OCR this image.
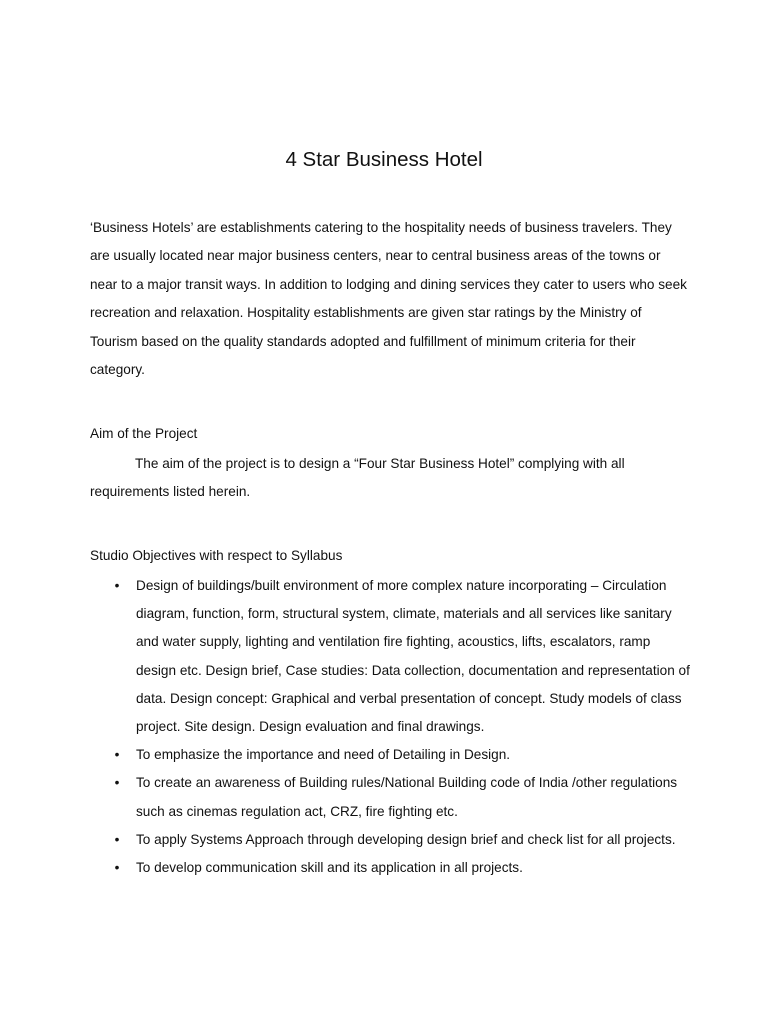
4 Star Business Hotel
‘Business Hotels’ are establishments catering to the hospitality needs of business travelers. They are usually located near major business centers, near to central business areas of the towns or near to a major transit ways. In addition to lodging and dining services they cater to users who seek recreation and relaxation. Hospitality establishments are given star ratings by the Ministry of Tourism based on the quality standards adopted and fulfillment of minimum criteria for their category.
Aim of the Project
The aim of the project is to design a “Four Star Business Hotel” complying with all requirements listed herein.
Studio Objectives with respect to Syllabus
• Design of buildings/built environment of more complex nature incorporating – Circulation diagram, function, form, structural system, climate, materials and all services like sanitary and water supply, lighting and ventilation fire fighting, acoustics, lifts, escalators, ramp design etc. Design brief, Case studies: Data collection, documentation and representation of data. Design concept: Graphical and verbal presentation of concept. Study models of class project. Site design. Design evaluation and final drawings.
• To emphasize the importance and need of Detailing in Design.
• To create an awareness of Building rules/National Building code of India /other regulations such as cinemas regulation act, CRZ, fire fighting etc.
• To apply Systems Approach through developing design brief and check list for all projects.
• To develop communication skill and its application in all projects.
